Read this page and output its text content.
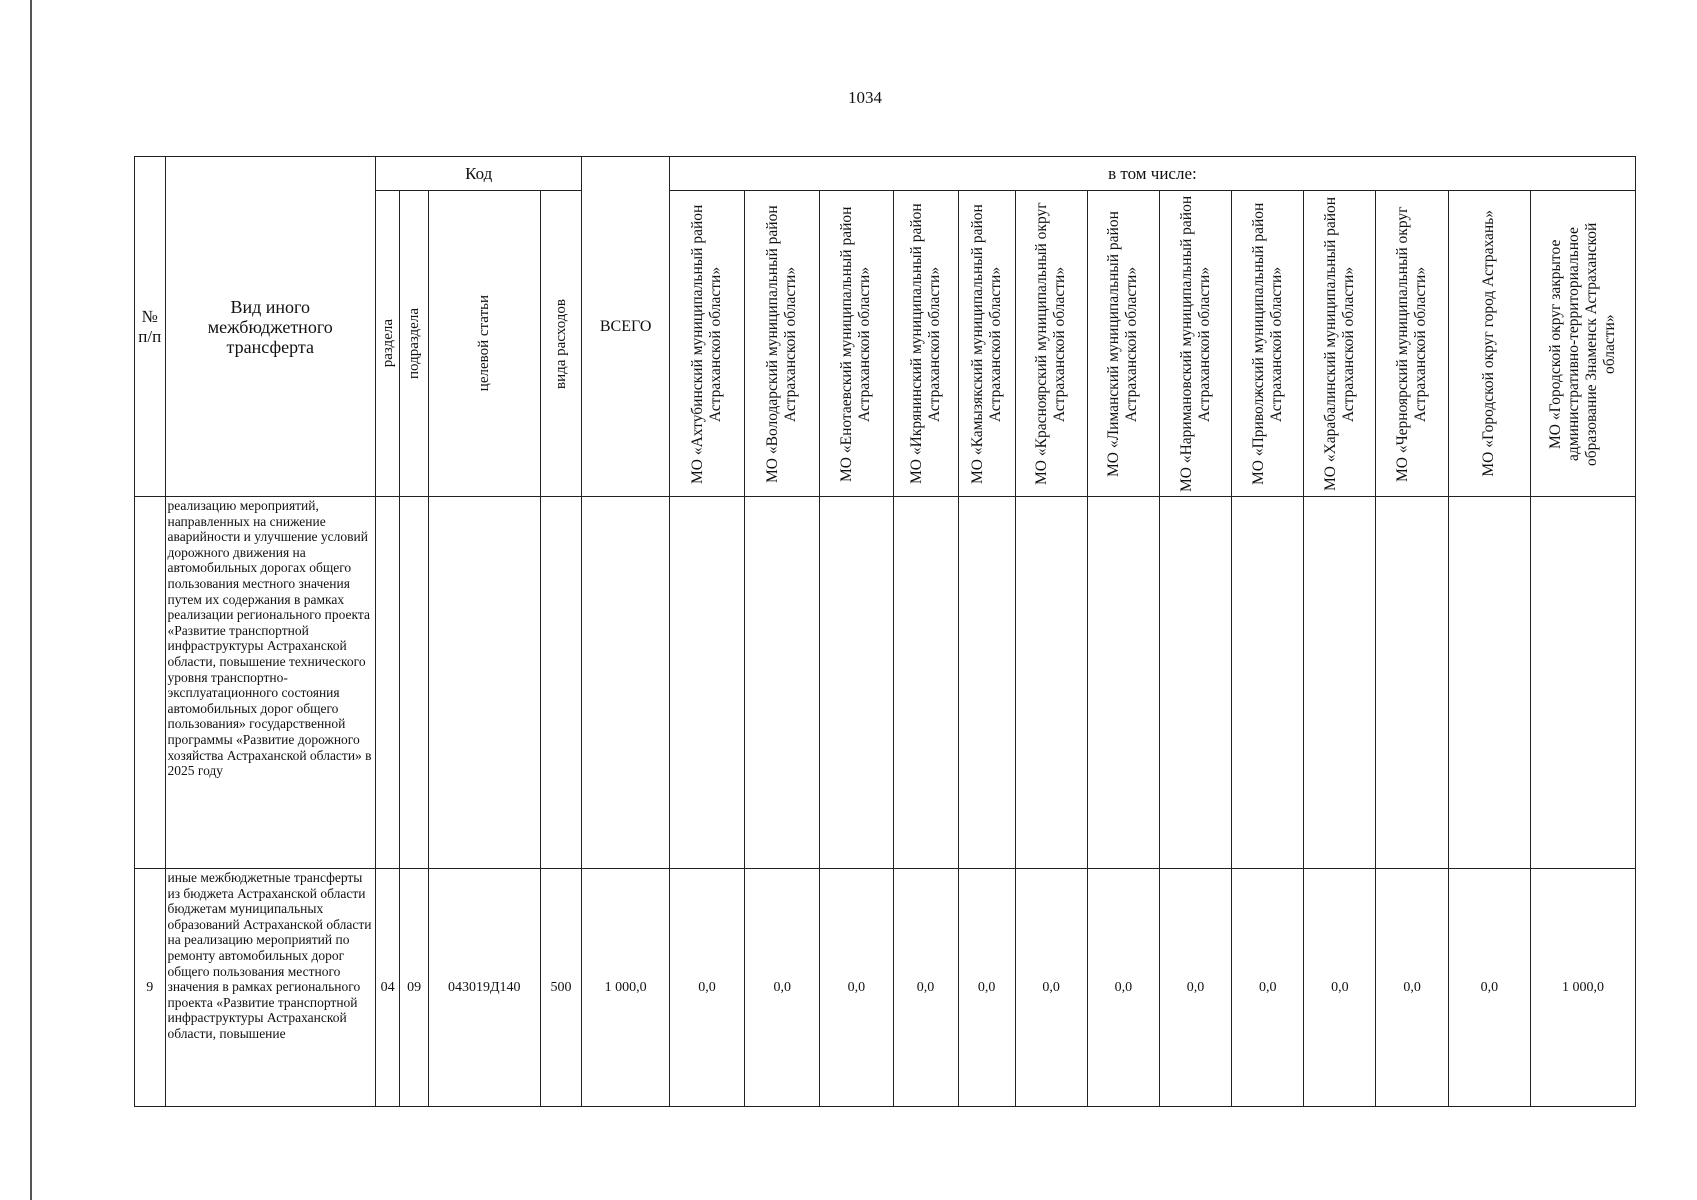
1034
№ п/п	Вид иного межбюджетного трансферта	Код				ВСЕГО	в том числе:												

		раздела	подраздела	целевой статьи	вида расходов		МО «Ахтубинский муниципальный район Астраханской области»	МО «Володарский муниципальный район Астраханской области»	МО «Енотаевский муниципальный район Астраханской области»	МО «Икрянинский муниципальный район Астраханской области»	МО «Камызякский муниципальный район Астраханской области»	МО «Красноярский муниципальный округ Астраханской области»	МО «Лиманский муниципальный район Астраханской области»	МО «Наримановский муниципальный район Астраханской области»	МО «Приволжский муниципальный район Астраханской области»	МО «Харабалинский муниципальный район Астраханской области»	МО «Черноярский муниципальный округ Астраханской области»	МО «Городской округ город Астрахань»	МО «Городской округ закрытое административно-территориальное образование Знаменск Астраханской области»

	реализацию мероприятий, направленных на снижение аварийности и улучшение условий дорожного движения на автомобильных дорогах общего пользования местного значения путем их содержания в рамках реализации регионального проекта «Развитие транспортной инфраструктуры Астраханской области, повышение технического уровня транспортно-эксплуатационного состояния автомобильных дорог общего пользования» государственной программы «Развитие дорожного хозяйства Астраханской области» в 2025 году																		
9	иные межбюджетные трансферты из бюджета Астраханской области бюджетам муниципальных образований Астраханской области на реализацию мероприятий по ремонту автомобильных дорог общего пользования местного значения в рамках регионального проекта «Развитие транспортной инфраструктуры Астраханской области, повышение	04	09	043019Д140	500	1 000,0	0,0	0,0	0,0	0,0	0,0	0,0	0,0	0,0	0,0	0,0	0,0	0,0	1 000,0
